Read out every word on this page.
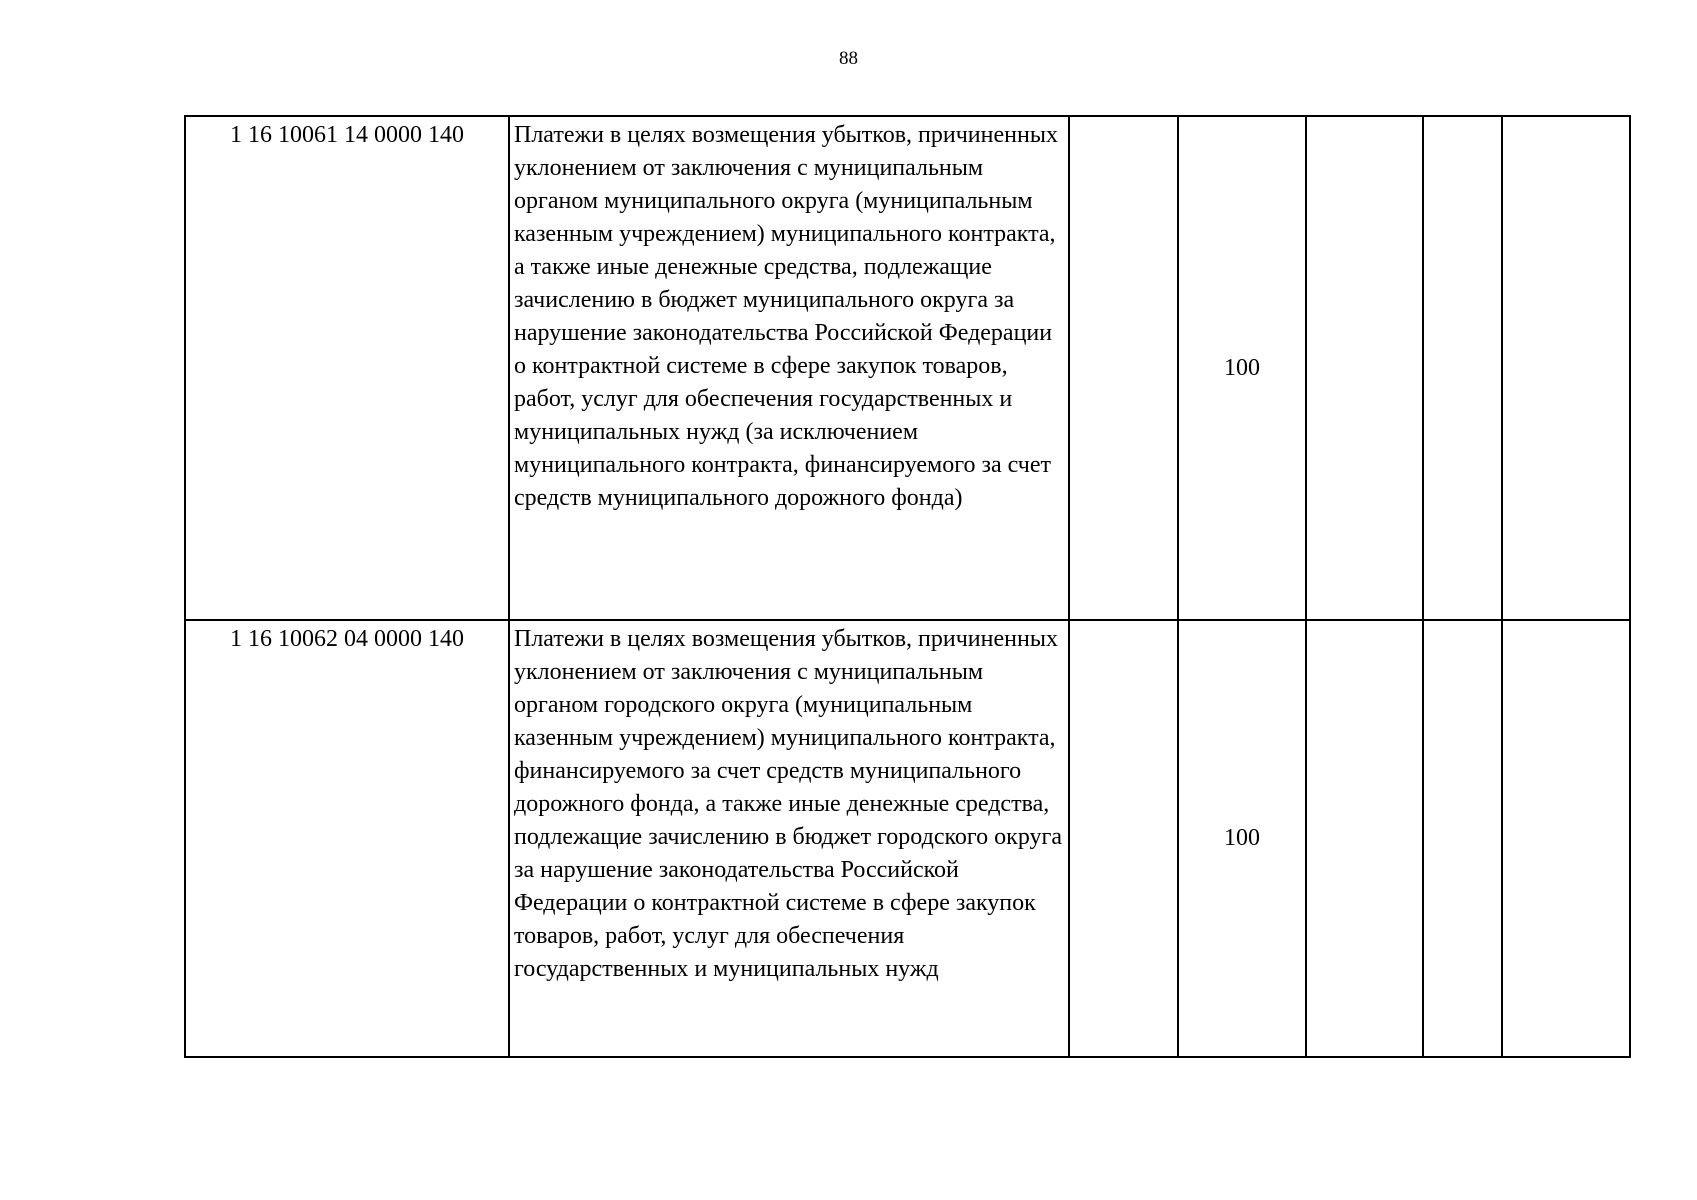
88
1 16 10061 14 0000 140	Платежи в целях возмещения убытков, причиненных уклонением от заключения с муниципальным органом муниципального округа (муниципальным казенным учреждением) муниципального контракта, а также иные денежные средства, подлежащие зачислению в бюджет муниципального округа за нарушение законодательства Российской Федерации о контрактной системе в сфере закупок товаров, работ, услуг для обеспечения государственных и муниципальных нужд (за исключением муниципального контракта, финансируемого за счет средств муниципального дорожного фонда)		100			
1 16 10062 04 0000 140	Платежи в целях возмещения убытков, причиненных уклонением от заключения с муниципальным органом городского округа (муниципальным казенным учреждением) муниципального контракта, финансируемого за счет средств муниципального дорожного фонда, а также иные денежные средства, подлежащие зачислению в бюджет городского округа за нарушение законодательства Российской Федерации о контрактной системе в сфере закупок товаров, работ, услуг для обеспечения государственных и муниципальных нужд		100			
